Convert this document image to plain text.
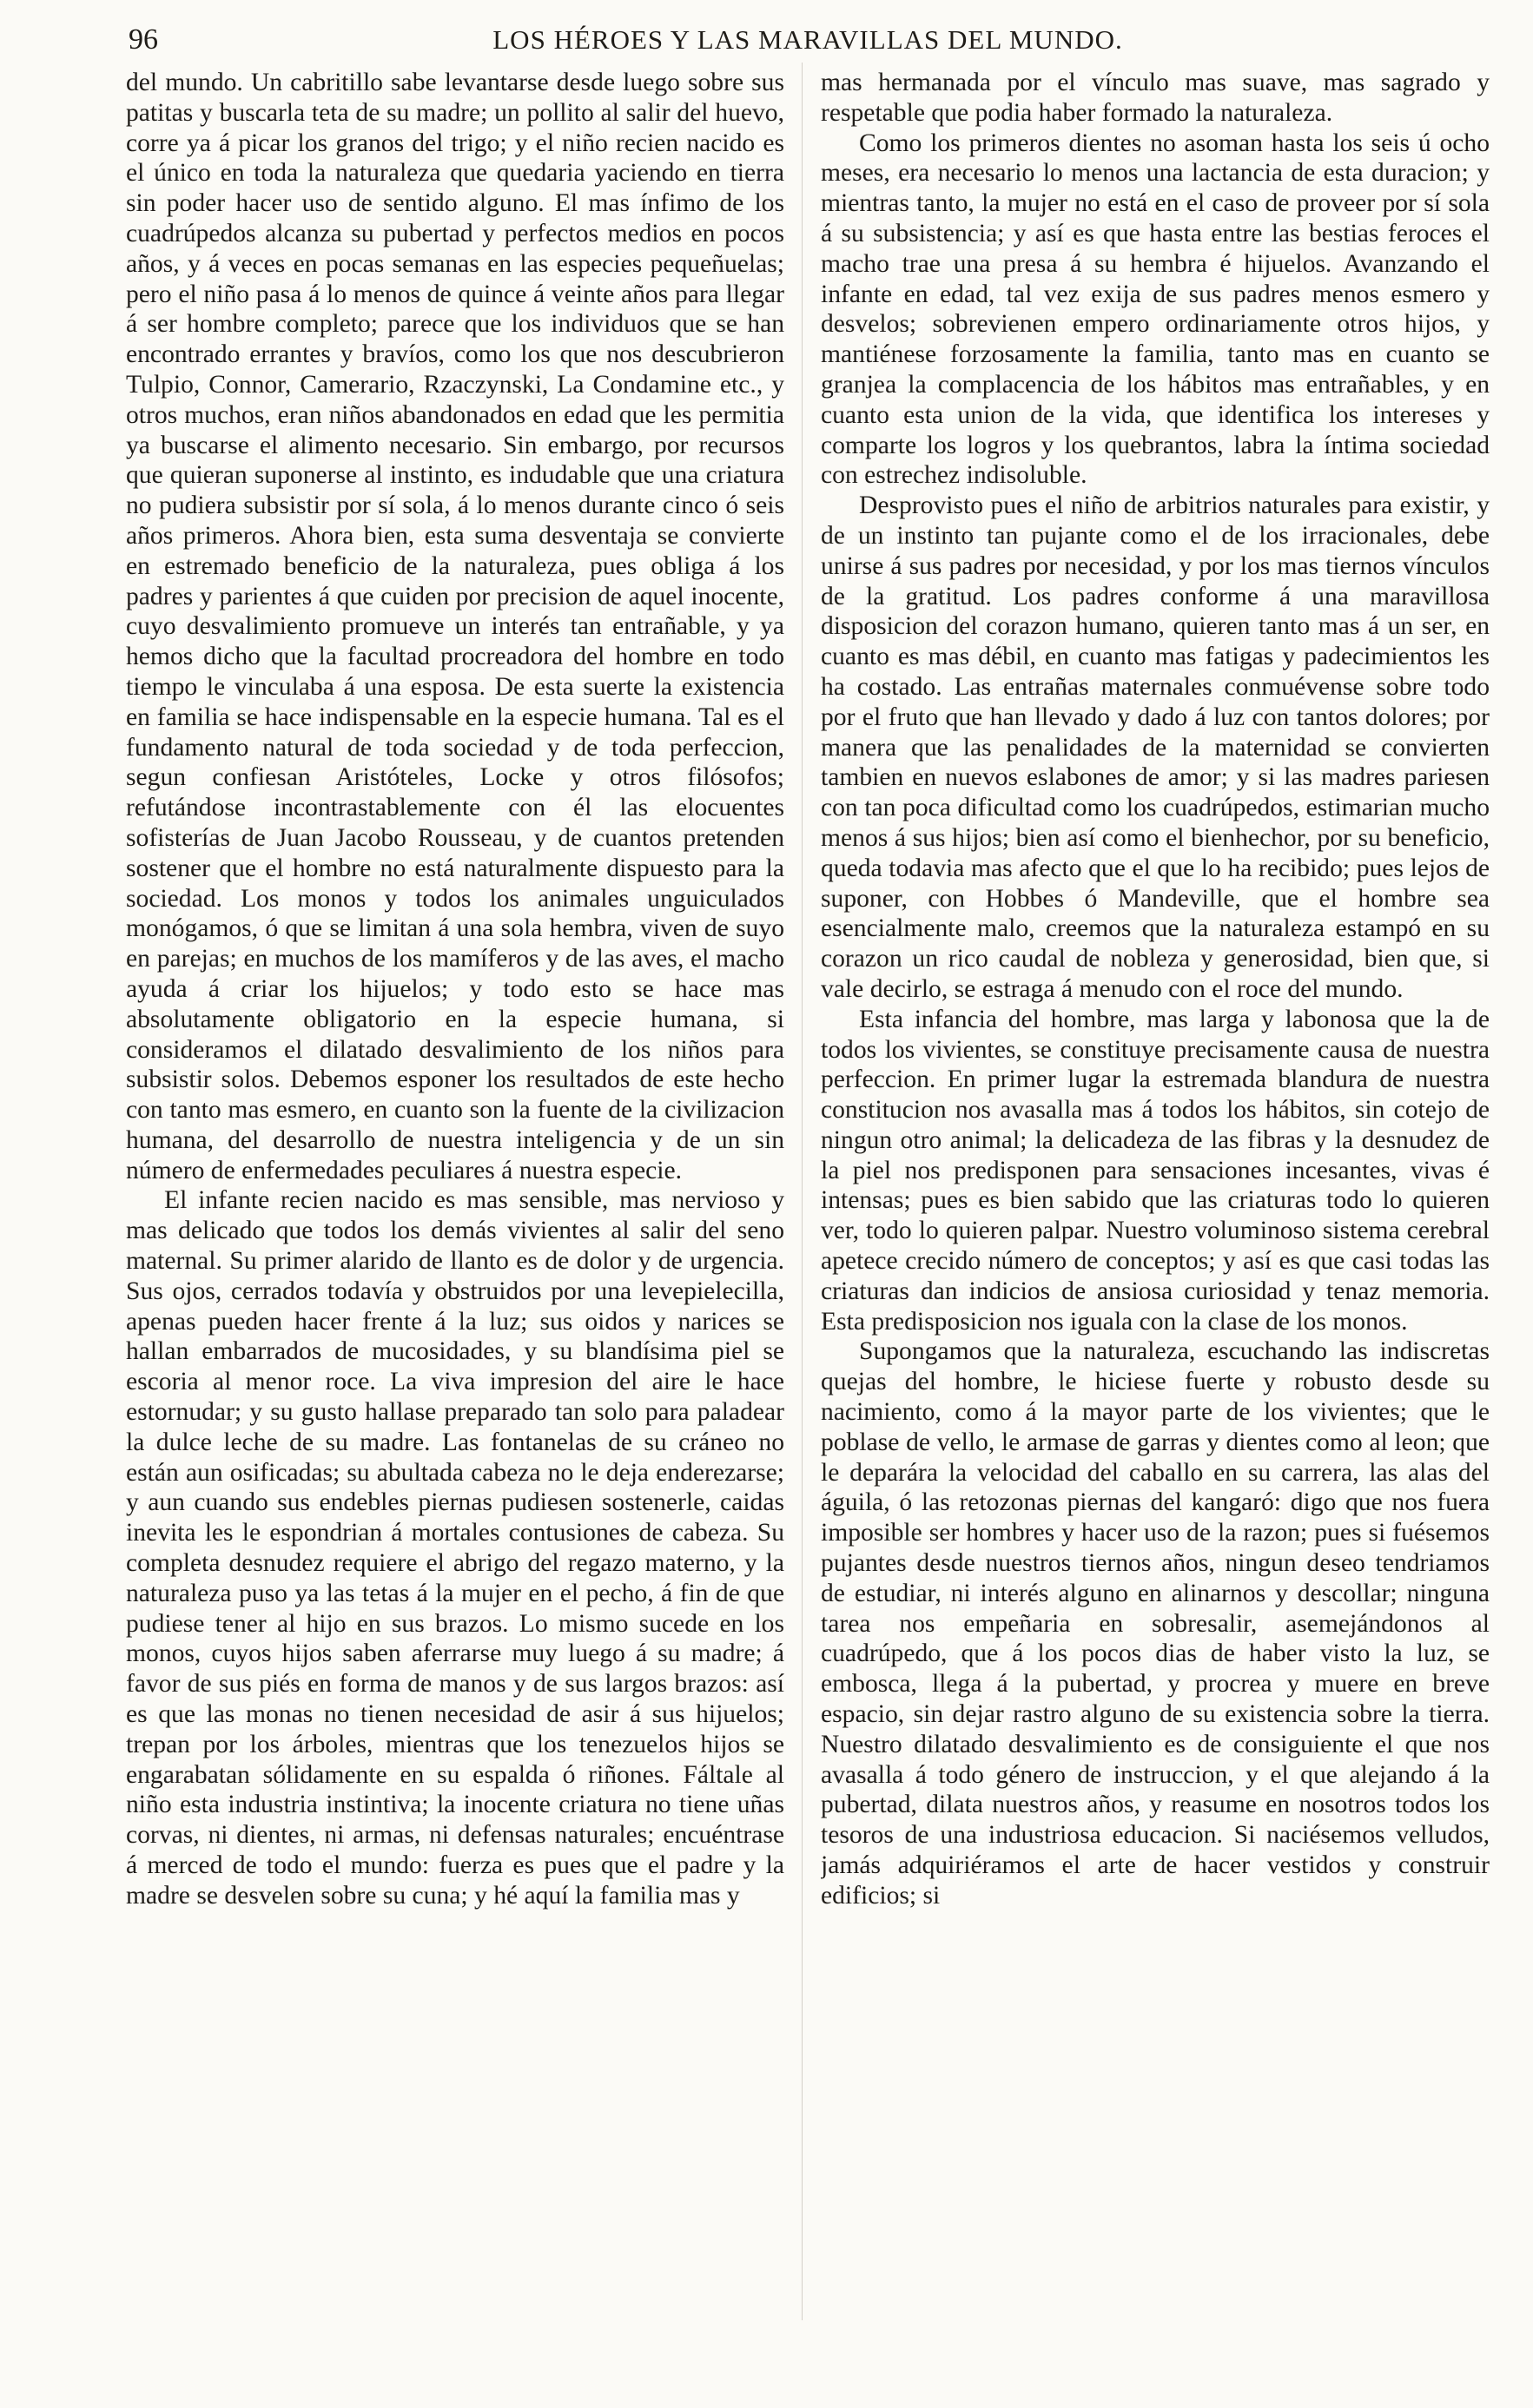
96	LOS HÉROES Y LAS MARAVILLAS DEL MUNDO.

del mundo. Un cabritillo sabe levantarse desde luego sobre sus patitas y buscarla teta de su madre; un pollito al salir del huevo, corre ya á picar los granos del trigo; y el niño recien nacido es el único en toda la naturaleza que quedaria yaciendo en tierra sin poder hacer uso de sentido alguno. El mas ínfimo de los cuadrúpedos alcanza su pubertad y perfectos medios en pocos años, y á veces en pocas semanas en las especies pequeñuelas; pero el niño pasa á lo menos de quince á veinte años para llegar á ser hombre completo; parece que los individuos que se han encontrado errantes y bravíos, como los que nos descubrieron Tulpio, Connor, Camerario, Rzaczynski, La Condamine etc., y otros muchos, eran niños abandonados en edad que les permitia ya buscarse el alimento necesario. Sin embargo, por recursos que quieran suponerse al instinto, es indudable que una criatura no pudiera subsistir por sí sola, á lo menos durante cinco ó seis años primeros. Ahora bien, esta suma desventaja se convierte en estremado beneficio de la naturaleza, pues obliga á los padres y parientes á que cuiden por precision de aquel inocente, cuyo desvalimiento promueve un interés tan entrañable, y ya hemos dicho que la facultad procreadora del hombre en todo tiempo le vinculaba á una esposa. De esta suerte la existencia en familia se hace indispensable en la especie humana. Tal es el fundamento natural de toda sociedad y de toda perfeccion, segun confiesan Aristóteles, Locke y otros filósofos; refutándose incontrastablemente con él las elocuentes sofisterías de Juan Jacobo Rousseau, y de cuantos pretenden sostener que el hombre no está naturalmente dispuesto para la sociedad. Los monos y todos los animales unguiculados monógamos, ó que se limitan á una sola hembra, viven de suyo en parejas; en muchos de los mamíferos y de las aves, el macho ayuda á criar los hijuelos; y todo esto se hace mas absolutamente obligatorio en la especie humana, si consideramos el dilatado desvalimiento de los niños para subsistir solos. Debemos esponer los resultados de este hecho con tanto mas esmero, en cuanto son la fuente de la civilizacion humana, del desarrollo de nuestra inteligencia y de un sin número de enfermedades peculiares á nuestra especie.

El infante recien nacido es mas sensible, mas nervioso y mas delicado que todos los demás vivientes al salir del seno maternal. Su primer alarido de llanto es de dolor y de urgencia. Sus ojos, cerrados todavía y obstruidos por una levepielecilla, apenas pueden hacer frente á la luz; sus oidos y narices se hallan embarrados de mucosidades, y su blandísima piel se escoria al menor roce. La viva impresion del aire le hace estornudar; y su gusto hallase preparado tan solo para paladear la dulce leche de su madre. Las fontanelas de su cráneo no están aun osificadas; su abultada cabeza no le deja enderezarse; y aun cuando sus endebles piernas pudiesen sostenerle, caidas inevita les le espondrian á mortales contusiones de cabeza. Su completa desnudez requiere el abrigo del regazo materno, y la naturaleza puso ya las tetas á la mujer en el pecho, á fin de que pudiese tener al hijo en sus brazos. Lo mismo sucede en los monos, cuyos hijos saben aferrarse muy luego á su madre; á favor de sus piés en forma de manos y de sus largos brazos: así es que las monas no tienen necesidad de asir á sus hijuelos; trepan por los árboles, mientras que los tenezuelos hijos se engarabatan sólidamente en su espalda ó riñones. Fáltale al niño esta industria instintiva; la inocente criatura no tiene uñas corvas, ni dientes, ni armas, ni defensas naturales; encuéntrase á merced de todo el mundo: fuerza es pues que el padre y la madre se desvelen sobre su cuna; y hé aquí la familia mas y

mas hermanada por el vínculo mas suave, mas sagrado y respetable que podia haber formado la naturaleza.

Como los primeros dientes no asoman hasta los seis ú ocho meses, era necesario lo menos una lactancia de esta duracion; y mientras tanto, la mujer no está en el caso de proveer por sí sola á su subsistencia; y así es que hasta entre las bestias feroces el macho trae una presa á su hembra é hijuelos. Avanzando el infante en edad, tal vez exija de sus padres menos esmero y desvelos; sobrevienen empero ordinariamente otros hijos, y mantiénese forzosamente la familia, tanto mas en cuanto se granjea la complacencia de los hábitos mas entrañables, y en cuanto esta union de la vida, que identifica los intereses y comparte los logros y los quebrantos, labra la íntima sociedad con estrechez indisoluble.

Desprovisto pues el niño de arbitrios naturales para existir, y de un instinto tan pujante como el de los irracionales, debe unirse á sus padres por necesidad, y por los mas tiernos vínculos de la gratitud. Los padres conforme á una maravillosa disposicion del corazon humano, quieren tanto mas á un ser, en cuanto es mas débil, en cuanto mas fatigas y padecimientos les ha costado. Las entrañas maternales conmuévense sobre todo por el fruto que han llevado y dado á luz con tantos dolores; por manera que las penalidades de la maternidad se convierten tambien en nuevos eslabones de amor; y si las madres pariesen con tan poca dificultad como los cuadrúpedos, estimarian mucho menos á sus hijos; bien así como el bienhechor, por su beneficio, queda todavia mas afecto que el que lo ha recibido; pues lejos de suponer, con Hobbes ó Mandeville, que el hombre sea esencialmente malo, creemos que la naturaleza estampó en su corazon un rico caudal de nobleza y generosidad, bien que, si vale decirlo, se estraga á menudo con el roce del mundo.

Esta infancia del hombre, mas larga y labonosa que la de todos los vivientes, se constituye precisamente causa de nuestra perfeccion. En primer lugar la estremada blandura de nuestra constitucion nos avasalla mas á todos los hábitos, sin cotejo de ningun otro animal; la delicadeza de las fibras y la desnudez de la piel nos predisponen para sensaciones incesantes, vivas é intensas; pues es bien sabido que las criaturas todo lo quieren ver, todo lo quieren palpar. Nuestro voluminoso sistema cerebral apetece crecido número de conceptos; y así es que casi todas las criaturas dan indicios de ansiosa curiosidad y tenaz memoria. Esta predisposicion nos iguala con la clase de los monos.

Supongamos que la naturaleza, escuchando las indiscretas quejas del hombre, le hiciese fuerte y robusto desde su nacimiento, como á la mayor parte de los vivientes; que le poblase de vello, le armase de garras y dientes como al leon; que le deparára la velocidad del caballo en su carrera, las alas del águila, ó las retozonas piernas del kangaró: digo que nos fuera imposible ser hombres y hacer uso de la razon; pues si fuésemos pujantes desde nuestros tiernos años, ningun deseo tendriamos de estudiar, ni interés alguno en alinarnos y descollar; ninguna tarea nos empeñaria en sobresalir, asemejándonos al cuadrúpedo, que á los pocos dias de haber visto la luz, se embosca, llega á la pubertad, y procrea y muere en breve espacio, sin dejar rastro alguno de su existencia sobre la tierra. Nuestro dilatado desvalimiento es de consiguiente el que nos avasalla á todo género de instruccion, y el que alejando á la pubertad, dilata nuestros años, y reasume en nosotros todos los tesoros de una industriosa educacion. Si naciésemos velludos, jamás adquiriéramos el arte de hacer vestidos y construir edificios; si
